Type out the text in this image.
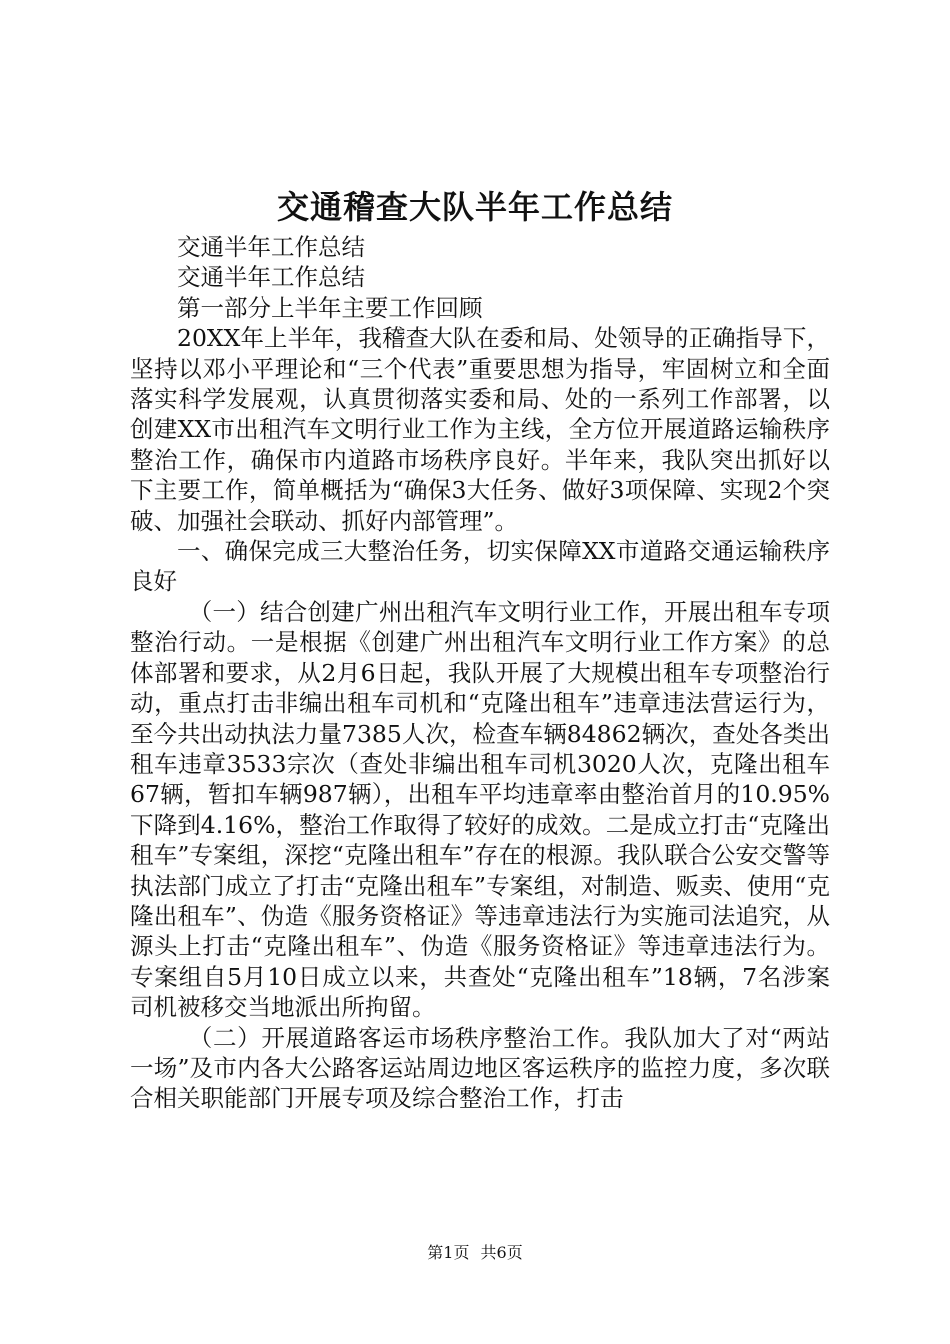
交通稽查大队半年工作总结

交通半年工作总结

交通半年工作总结

第一部分上半年主要工作回顾

20XX年上半年，我稽查大队在委和局、处领导的正确指导下，坚持以邓小平理论和“三个代表”重要思想为指导，牢固树立和全面落实科学发展观，认真贯彻落实委和局、处的一系列工作部署，以创建XX市出租汽车文明行业工作为主线，全方位开展道路运输秩序整治工作，确保市内道路市场秩序良好。半年来，我队突出抓好以下主要工作，简单概括为“确保3大任务、做好3项保障、实现2个突破、加强社会联动、抓好内部管理”。

一、确保完成三大整治任务，切实保障XX市道路交通运输秩序良好

（一）结合创建广州出租汽车文明行业工作，开展出租车专项整治行动。一是根据《创建广州出租汽车文明行业工作方案》的总体部署和要求，从2月6日起，我队开展了大规模出租车专项整治行动，重点打击非编出租车司机和“克隆出租车”违章违法营运行为，至今共出动执法力量7385人次，检查车辆84862辆次，查处各类出租车违章3533宗次（查处非编出租车司机3020人次，克隆出租车67辆，暂扣车辆987辆），出租车平均违章率由整治首月的10.95%下降到4.16%，整治工作取得了较好的成效。二是成立打击“克隆出租车”专案组，深挖“克隆出租车”存在的根源。我队联合公安交警等执法部门成立了打击“克隆出租车”专案组，对制造、贩卖、使用“克隆出租车”、伪造《服务资格证》等违章违法行为实施司法追究，从源头上打击“克隆出租车”、伪造《服务资格证》等违章违法行为。专案组自5月10日成立以来，共查处“克隆出租车”18辆，7名涉案司机被移交当地派出所拘留。

（二）开展道路客运市场秩序整治工作。我队加大了对“两站一场”及市内各大公路客运站周边地区客运秩序的监控力度，多次联合相关职能部门开展专项及综合整治工作，打击

第1页 共6页
